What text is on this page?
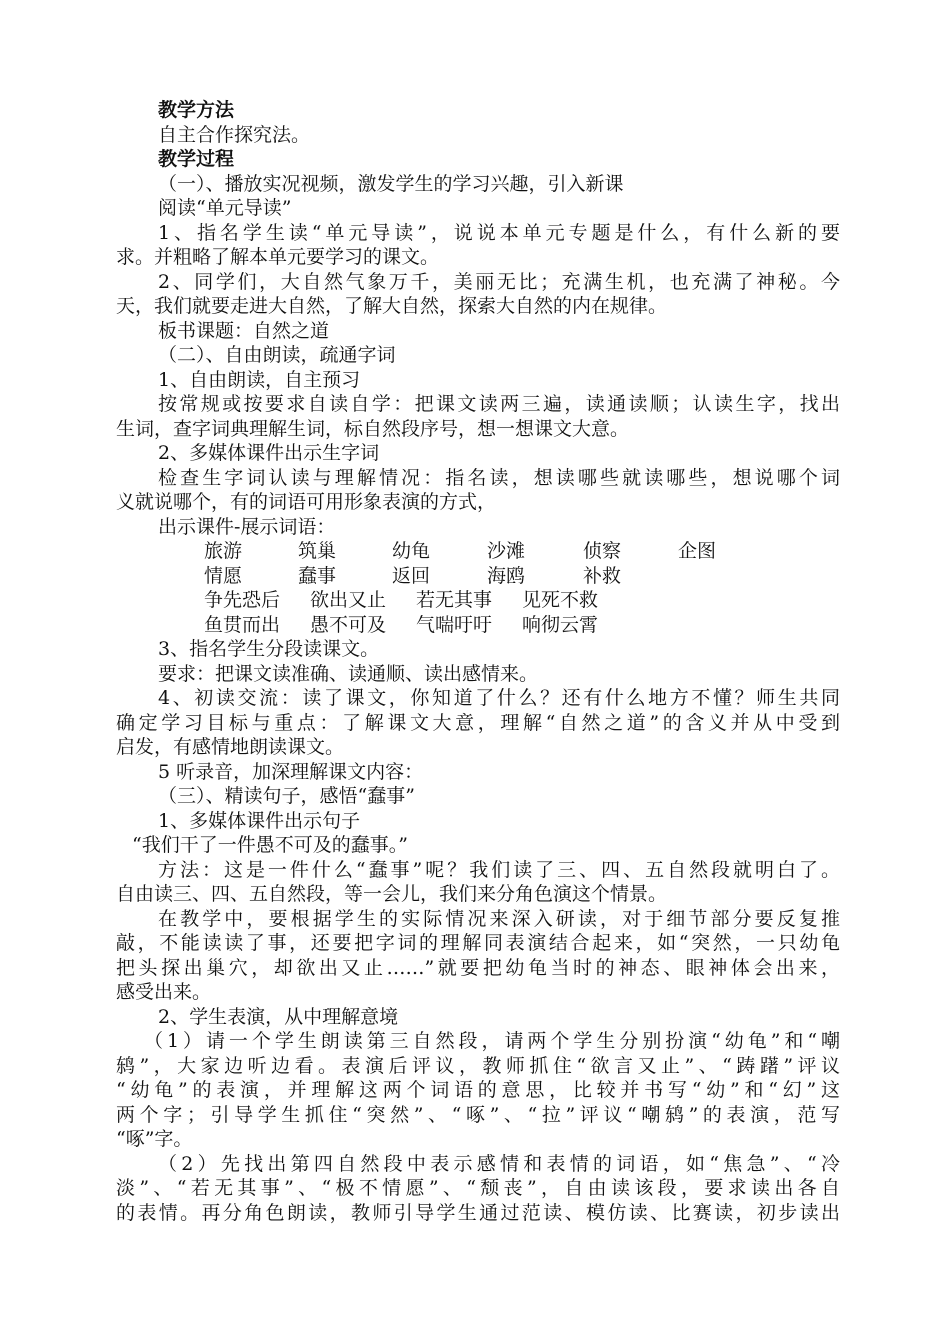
教学方法
自主合作探究法。
教学过程
（一）、播放实况视频，激发学生的学习兴趣，引入新课
阅读“单元导读”
1、指名学生读“单元导读”，说说本单元专题是什么，有什么新的要
求。并粗略了解本单元要学习的课文。
2、同学们，大自然气象万千，美丽无比；充满生机，也充满了神秘。今
天，我们就要走进大自然，了解大自然，探索大自然的内在规律。
板书课题：自然之道
（二）、自由朗读，疏通字词
1、自由朗读，自主预习
按常规或按要求自读自学：把课文读两三遍，读通读顺；认读生字，找出
生词，查字词典理解生词，标自然段序号，想一想课文大意。
2、多媒体课件出示生字词
检查生字词认读与理解情况：指名读，想读哪些就读哪些，想说哪个词
义就说哪个，有的词语可用形象表演的方式，
出示课件-展示词语：
旅游	筑巢	幼龟	沙滩	侦察	企图
情愿	蠢事	返回	海鸥	补救
争先恐后 欲出又止 若无其事 见死不救
鱼贯而出 愚不可及 气喘吁吁 响彻云霄
3、指名学生分段读课文。
要求：把课文读准确、读通顺、读出感情来。
4、初读交流：读了课文，你知道了什么？还有什么地方不懂？师生共同
确定学习目标与重点：了解课文大意，理解“自然之道”的含义并从中受到
启发，有感情地朗读课文。
5 听录音，加深理解课文内容：
（三）、精读句子，感悟“蠢事”
1、多媒体课件出示句子
“我们干了一件愚不可及的蠢事。”
方法：这是一件什么“蠢事”呢？我们读了三、四、五自然段就明白了。
自由读三、四、五自然段，等一会儿，我们来分角色演这个情景。
在教学中，要根据学生的实际情况来深入研读，对于细节部分要反复推
敲，不能读读了事，还要把字词的理解同表演结合起来，如“突然，一只幼龟
把头探出巢穴，却欲出又止……”就要把幼龟当时的神态、眼神体会出来，
感受出来。
2、学生表演，从中理解意境
（1）请一个学生朗读第三自然段，请两个学生分别扮演“幼龟”和“嘲
鸫”，大家边听边看。表演后评议，教师抓住“欲言又止”、“踌躇”评议
“幼龟”的表演，并理解这两个词语的意思，比较并书写“幼”和“幻”这
两个字；引导学生抓住“突然”、“啄”、“拉”评议“嘲鸫”的表演，范写
“啄”字。
（2）先找出第四自然段中表示感情和表情的词语，如“焦急”、“冷
淡”、“若无其事”、“极不情愿”、“颓丧”，自由读该段，要求读出各自
的表情。再分角色朗读，教师引导学生通过范读、模仿读、比赛读，初步读出
